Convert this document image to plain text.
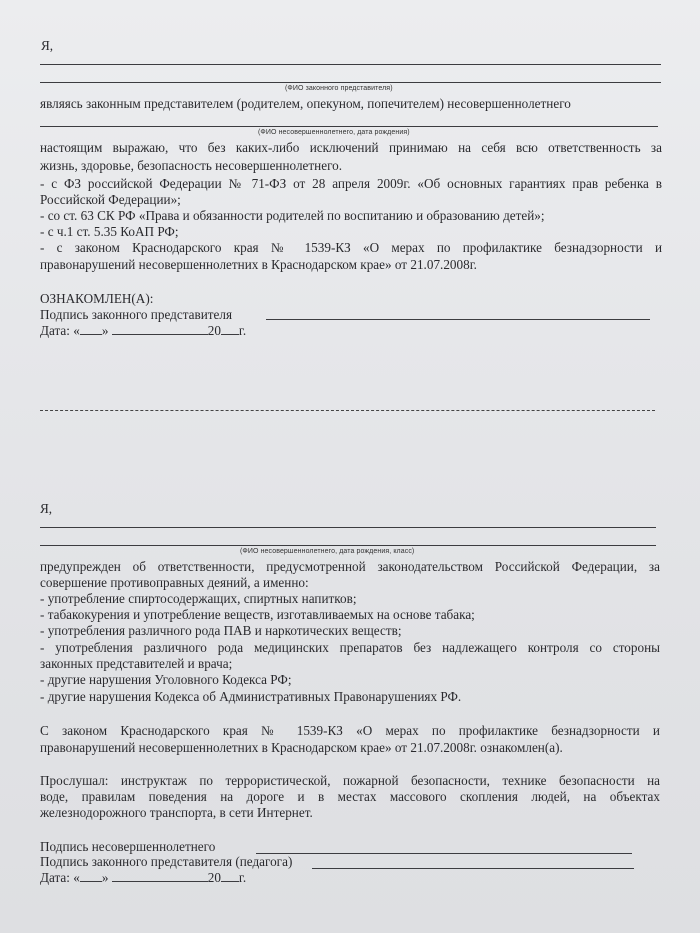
Я,
(ФИО законного представителя)
являясь законным представителем (родителем, опекуном, попечителем) несовершеннолетнего
(ФИО несовершеннолетнего, дата рождения)
настоящим выражаю, что без каких-либо исключений принимаю на себя всю ответственность за
жизнь, здоровье, безопасность несовершеннолетнего.
- с ФЗ российской Федерации № 71-ФЗ от 28 апреля 2009г. «Об основных гарантиях прав ребенка в
Российской Федерации»;
- со ст. 63 СК РФ «Права и обязанности родителей по воспитанию и образованию детей»;
- с ч.1 ст. 5.35 КоАП РФ;
- с законом Краснодарского края № 1539-КЗ «О мерах по профилактике безнадзорности и
правонарушений несовершеннолетних в Краснодарском крае» от 21.07.2008г.
ОЗНАКОМЛЕН(А):
Подпись законного представителя
Дата: « »	20 г.
Я,
(ФИО несовершеннолетнего, дата рождения, класс)
предупрежден об ответственности, предусмотренной законодательством Российской Федерации, за
совершение противоправных деяний, а именно:
- употребление спиртосодержащих, спиртных напитков;
- табакокурения и употребление веществ, изготавливаемых на основе табака;
- употребления различного рода ПАВ и наркотических веществ;
- употребления различного рода медицинских препаратов без надлежащего контроля со стороны
законных представителей и врача;
- другие нарушения Уголовного Кодекса РФ;
- другие нарушения Кодекса об Административных Правонарушениях РФ.
С законом Краснодарского края № 1539-КЗ «О мерах по профилактике безнадзорности и
правонарушений несовершеннолетних в Краснодарском крае» от 21.07.2008г. ознакомлен(а).
Прослушал: инструктаж по террористической, пожарной безопасности, технике безопасности на
воде, правилам поведения на дороге и в местах массового скопления людей, на объектах
железнодорожного транспорта, в сети Интернет.
Подпись несовершеннолетнего
Подпись законного представителя (педагога)
Дата: « »	20 г.
